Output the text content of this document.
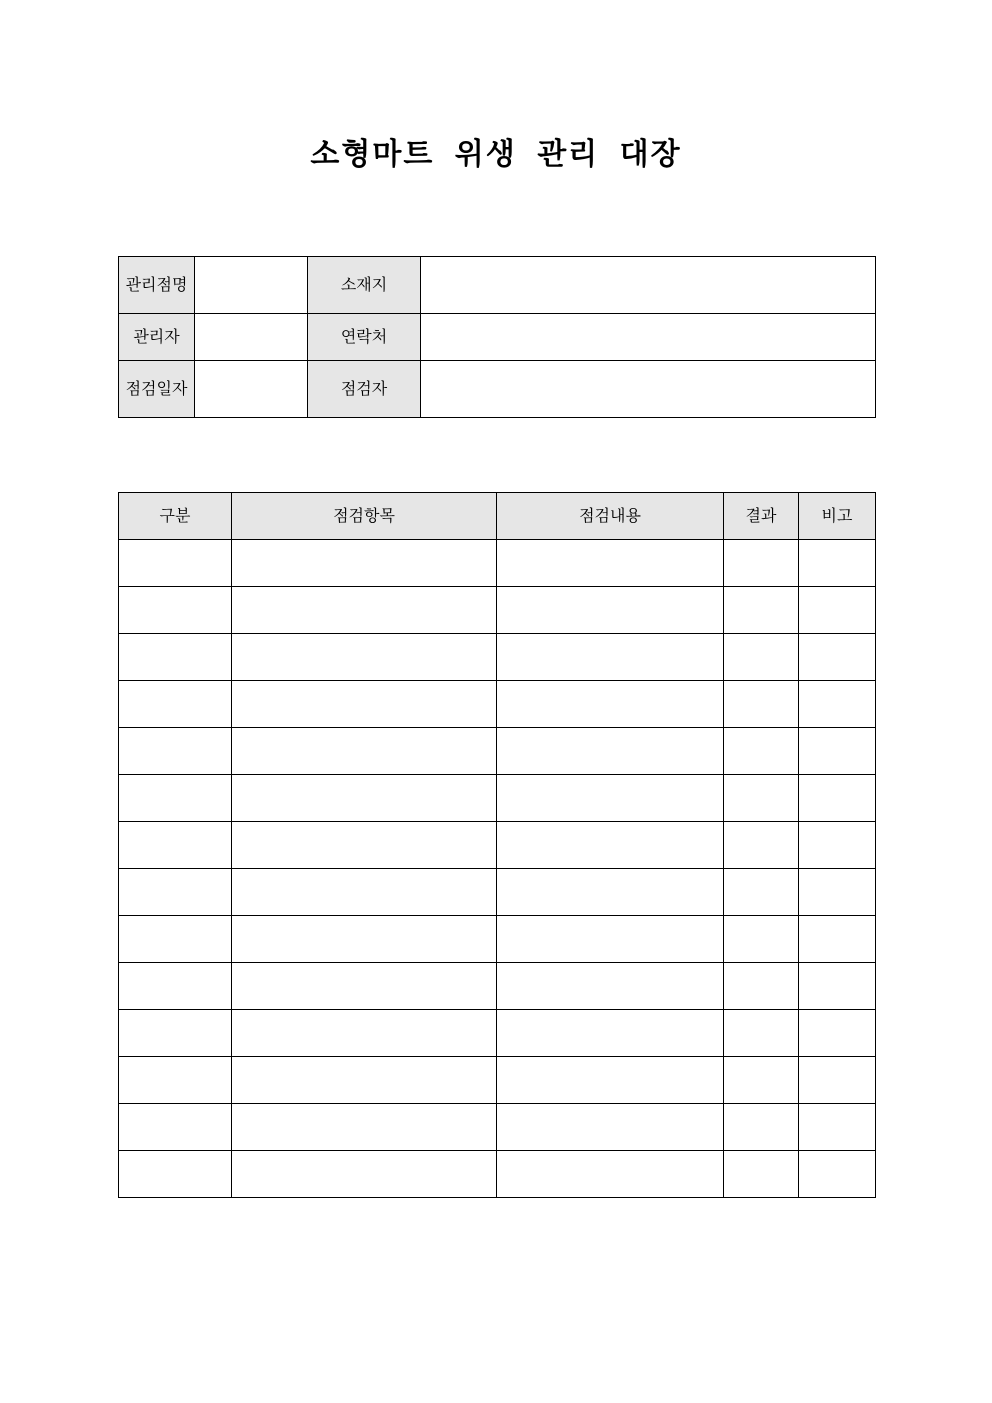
소형마트 위생 관리 대장
관리점명		소재지	
관리자		연락처	
점검일자		점검자	
구분	점검항목	점검내용	결과	비고
